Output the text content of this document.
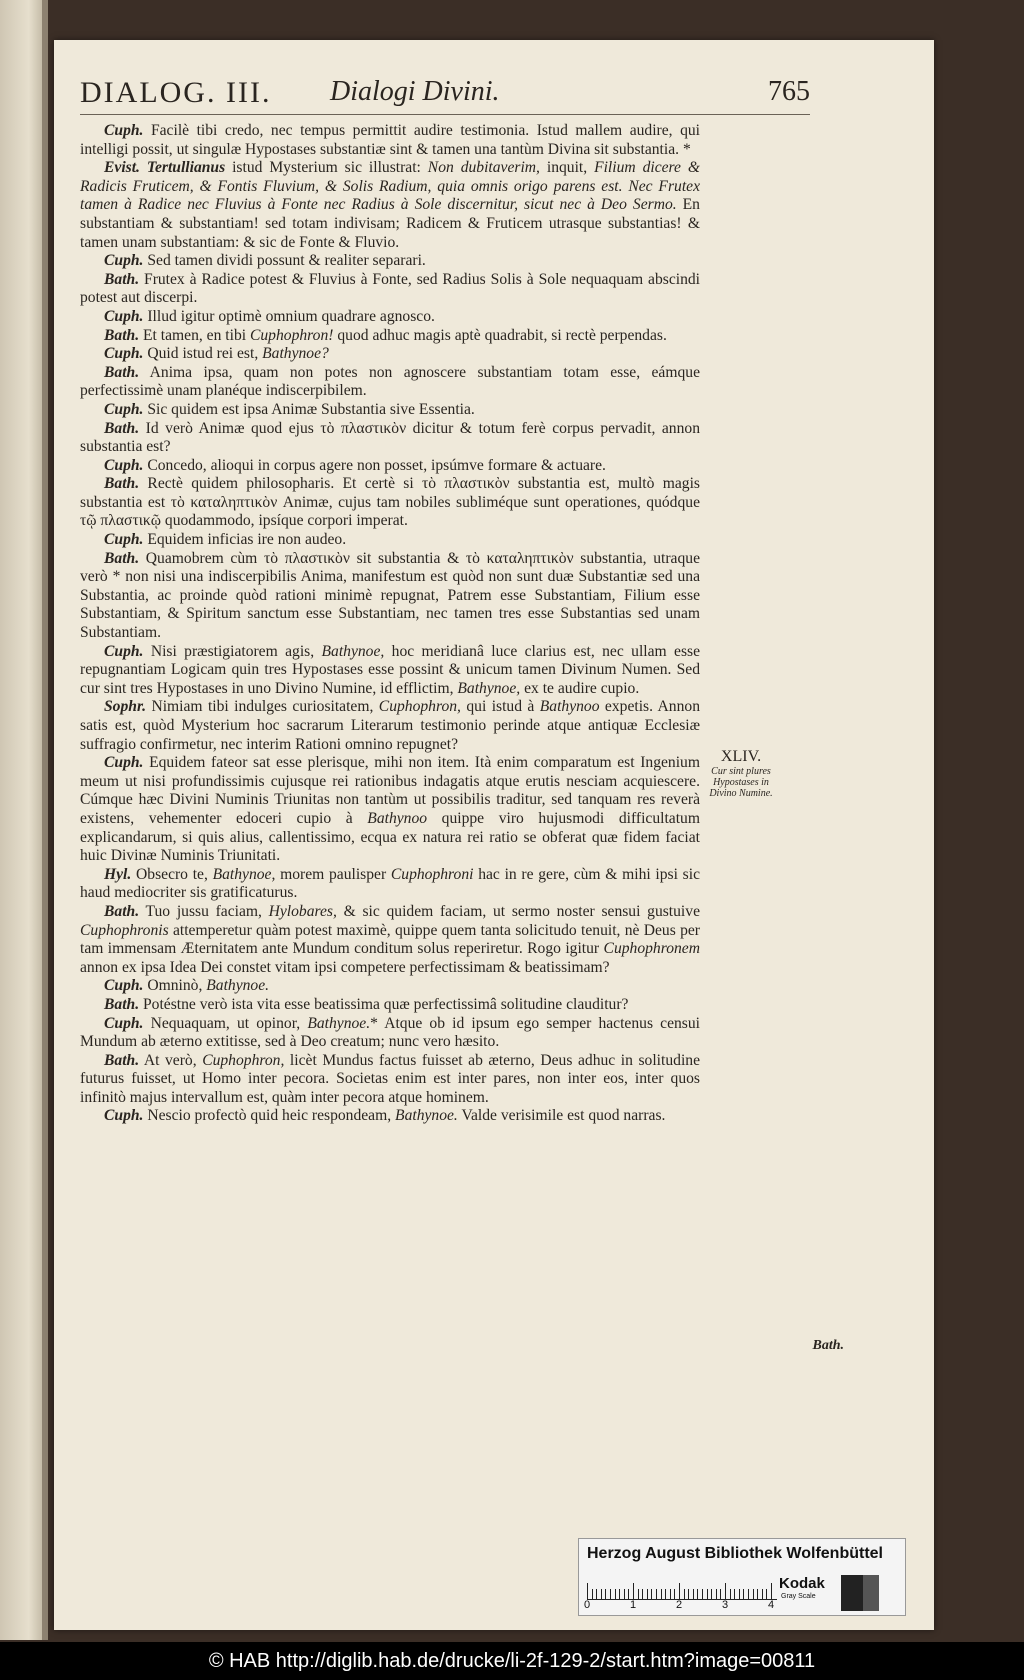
DIALOG. III. Dialogi Divini.	765

Cuph. Facilè tibi credo, nec tempus permittit audire testimonia. Istud mallem audire, qui intelligi possit, ut singulæ Hypostases substantiæ sint & tamen una tantùm Divina sit substantia. *

Evist. Tertullianus istud Mysterium sic illustrat: Non dubitaverim, inquit, Filium dicere & Radicis Fruticem, & Fontis Fluvium, & Solis Radium, quia omnis origo parens est. Nec Frutex tamen à Radice nec Fluvius à Fonte nec Radius à Sole discernitur, sicut nec à Deo Sermo. En substantiam & substantiam! sed totam indivisam; Radicem & Fruticem utrasque substantias! & tamen unam substantiam: & sic de Fonte & Fluvio.

Cuph. Sed tamen dividi possunt & realiter separari.

Bath. Frutex à Radice potest & Fluvius à Fonte, sed Radius Solis à Sole nequaquam abscindi potest aut discerpi.

Cuph. Illud igitur optimè omnium quadrare agnosco.

Bath. Et tamen, en tibi Cuphophron! quod adhuc magis aptè quadrabit, si rectè perpendas.

Cuph. Quid istud rei est, Bathynoe?

Bath. Anima ipsa, quam non potes non agnoscere substantiam totam esse, eámque perfectissimè unam planéque indiscerpibilem.

Cuph. Sic quidem est ipsa Animæ Substantia sive Essentia.

Bath. Id verò Animæ quod ejus τὸ πλαστικὸν dicitur & totum ferè corpus pervadit, annon substantia est?

Cuph. Concedo, alioqui in corpus agere non posset, ipsúmve formare & actuare.

Bath. Rectè quidem philosopharis. Et certè si τὸ πλαστικὸν substantia est, multò magis substantia est τὸ καταληπτικὸν Animæ, cujus tam nobiles subliméque sunt operationes, quódque τῷ πλαστικῷ quodammodo, ipsíque corpori imperat.

Cuph. Equidem inficias ire non audeo.

Bath. Quamobrem cùm τὸ πλαστικὸν sit substantia & τὸ καταληπτικὸν substantia, utraque verò * non nisi una indiscerpibilis Anima, manifestum est quòd non sunt duæ Substantiæ sed una Substantia, ac proinde quòd rationi minimè repugnat, Patrem esse Substantiam, Filium esse Substantiam, & Spiritum sanctum esse Substantiam, nec tamen tres esse Substantias sed unam Substantiam.

Cuph. Nisi præstigiatorem agis, Bathynoe, hoc meridianâ luce clarius est, nec ullam esse repugnantiam Logicam quin tres Hypostases esse possint & unicum tamen Divinum Numen. Sed cur sint tres Hypostases in uno Divino Numine, id efflictim, Bathynoe, ex te audire cupio.

Sophr. Nimiam tibi indulges curiositatem, Cuphophron, qui istud à Bathynoo expetis. Annon satis est, quòd Mysterium hoc sacrarum Literarum testimonio perinde atque antiquæ Ecclesiæ suffragio confirmetur, nec interim Rationi omnino repugnet?

Cuph. Equidem fateor sat esse plerisque, mihi non item. Ità enim comparatum est Ingenium meum ut nisi profundissimis cujusque rei rationibus indagatis atque erutis nesciam acquiescere. Cúmque hæc Divini Numinis Triunitas non tantùm ut possibilis traditur, sed tanquam res reverà existens, vehementer edoceri cupio à Bathynoo quippe viro hujusmodi difficultatum explicandarum, si quis alius, callentissimo, ecqua ex natura rei ratio se obferat quæ fidem faciat huic Divinæ Numinis Triunitati.

Hyl. Obsecro te, Bathynoe, morem paulisper Cuphophroni hac in re gere, cùm & mihi ipsi sic haud mediocriter sis gratificaturus.

Bath. Tuo jussu faciam, Hylobares, & sic quidem faciam, ut sermo noster sensui gustuive Cuphophronis attemperetur quàm potest maximè, quippe quem tanta solicitudo tenuit, nè Deus per tam immensam Æternitatem ante Mundum conditum solus reperiretur. Rogo igitur Cuphophronem annon ex ipsa Idea Dei constet vitam ipsi competere perfectissimam & beatissimam?

Cuph. Omninò, Bathynoe.

Bath. Potéstne verò ista vita esse beatissima quæ perfectissimâ solitudine clauditur?

Cuph. Nequaquam, ut opinor, Bathynoe.* Atque ob id ipsum ego semper hactenus censui Mundum ab æterno extitisse, sed à Deo creatum; nunc vero hæsito.

Bath. At verò, Cuphophron, licèt Mundus factus fuisset ab æterno, Deus adhuc in solitudine futurus fuisset, ut Homo inter pecora. Societas enim est inter pares, non inter eos, inter quos infinitò majus intervallum est, quàm inter pecora atque hominem.

Cuph. Nescio profectò quid heic respondeam, Bathynoe. Valde verisimile est quod narras.

XLIV.
Cur sint plures Hypostases in Divino Numine.
Bath.
Herzog August Bibliothek Wolfenbüttel
0	1	2	3	4
Kodak
Gray Scale
© HAB http://diglib.hab.de/drucke/li-2f-129-2/start.htm?image=00811
